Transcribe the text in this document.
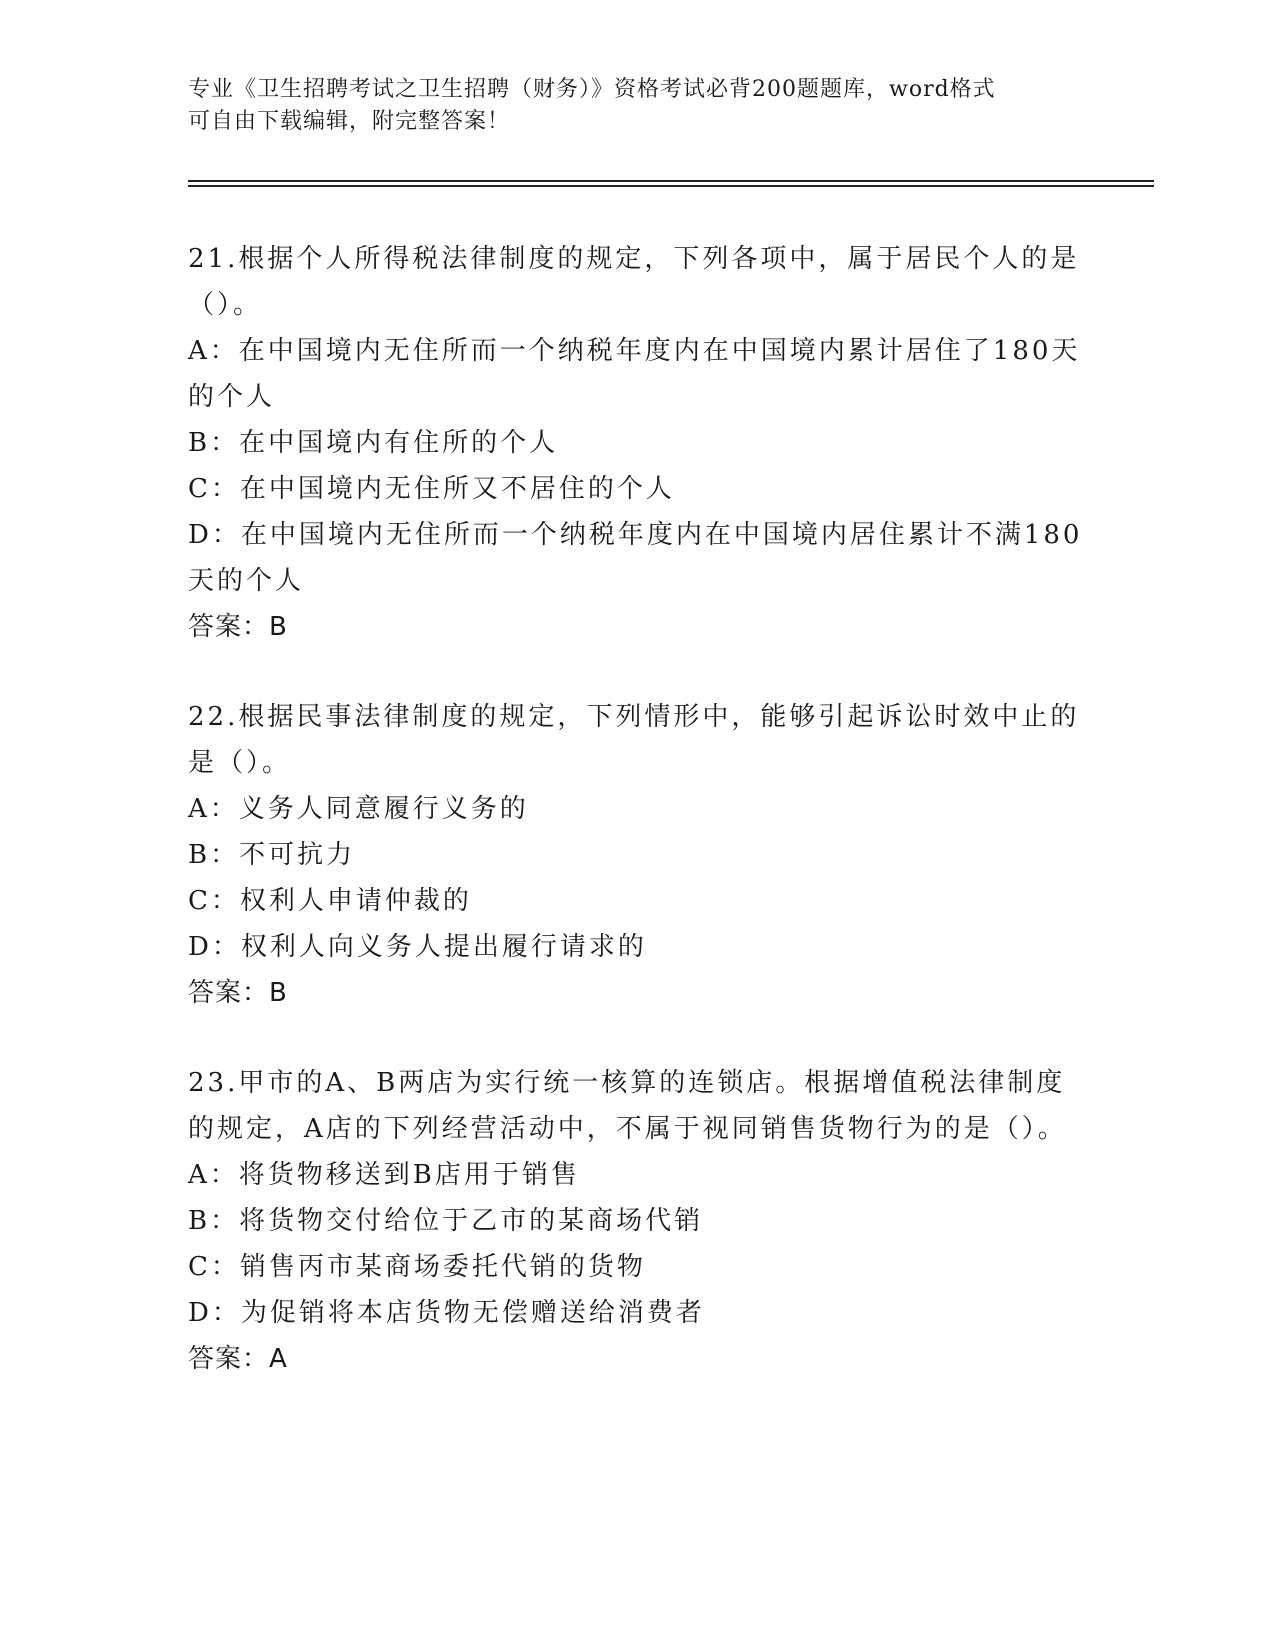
专业《卫生招聘考试之卫生招聘（财务）》资格考试必背200题题库，word格式
可自由下载编辑，附完整答案！
21.根据个人所得税法律制度的规定，下列各项中，属于居民个人的是
（）。
A：在中国境内无住所而一个纳税年度内在中国境内累计居住了180天
的个人
B：在中国境内有住所的个人
C：在中国境内无住所又不居住的个人
D：在中国境内无住所而一个纳税年度内在中国境内居住累计不满180
天的个人
答案：B
22.根据民事法律制度的规定，下列情形中，能够引起诉讼时效中止的
是（）。
A：义务人同意履行义务的
B：不可抗力
C：权利人申请仲裁的
D：权利人向义务人提出履行请求的
答案：B
23.甲市的A、B两店为实行统一核算的连锁店。根据增值税法律制度
的规定，A店的下列经营活动中，不属于视同销售货物行为的是（）。
A：将货物移送到B店用于销售
B：将货物交付给位于乙市的某商场代销
C：销售丙市某商场委托代销的货物
D：为促销将本店货物无偿赠送给消费者
答案：A
